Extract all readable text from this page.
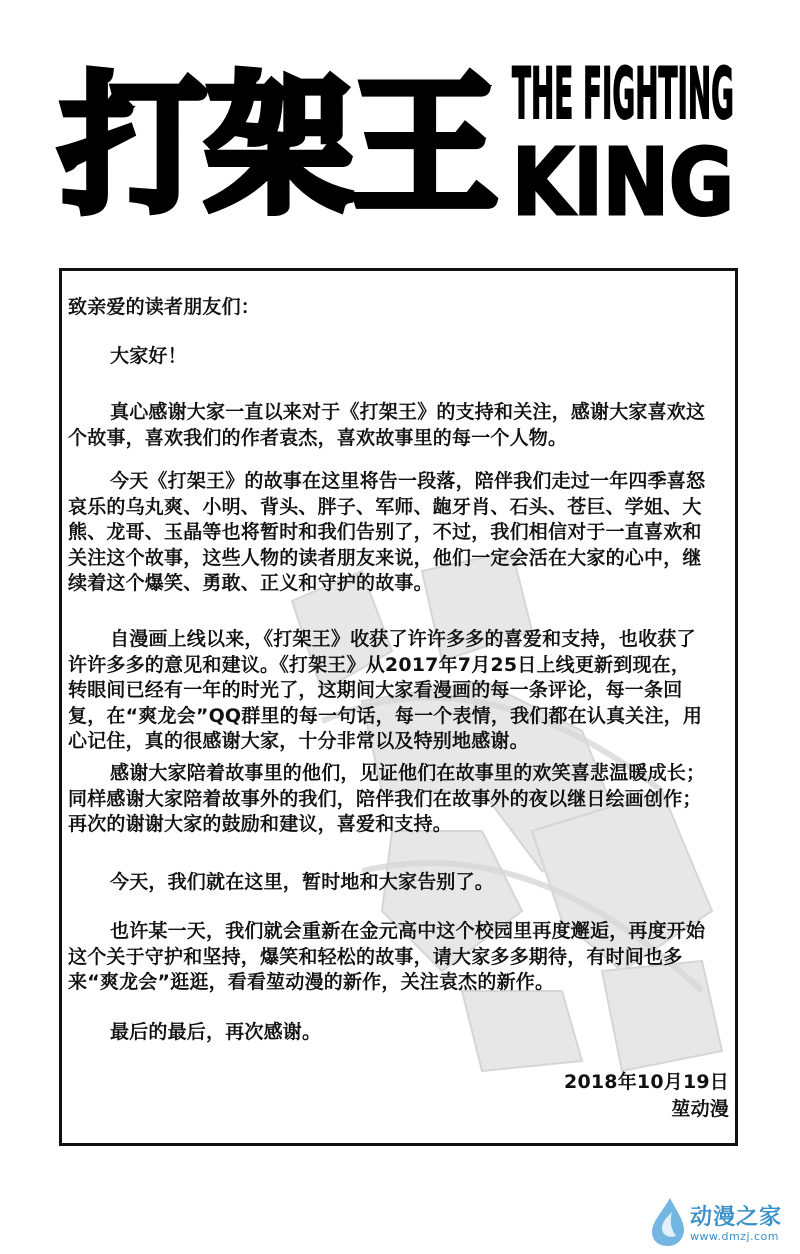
打架王 THE FIGHTING
KING
致亲爱的读者朋友们：
大家好！
真心感谢大家一直以来对于《打架王》的支持和关注，感谢大家喜欢这个故事，喜欢我们的作者袁杰，喜欢故事里的每一个人物。
今天《打架王》的故事在这里将告一段落，陪伴我们走过一年四季喜怒哀乐的乌丸爽、小明、背头、胖子、军师、龅牙肖、石头、苍巨、学姐、大熊、龙哥、玉晶等也将暂时和我们告别了，不过，我们相信对于一直喜欢和关注这个故事，这些人物的读者朋友来说，他们一定会活在大家的心中，继续着这个爆笑、勇敢、正义和守护的故事。
自漫画上线以来，《打架王》收获了许许多多的喜爱和支持，也收获了许许多多的意见和建议。《打架王》从2017年7月25日上线更新到现在，转眼间已经有一年的时光了，这期间大家看漫画的每一条评论，每一条回复，在“爽龙会”QQ群里的每一句话，每一个表情，我们都在认真关注，用心记住，真的很感谢大家，十分非常以及特别地感谢。
感谢大家陪着故事里的他们，见证他们在故事里的欢笑喜悲温暖成长；同样感谢大家陪着故事外的我们，陪伴我们在故事外的夜以继日绘画创作；再次的谢谢大家的鼓励和建议，喜爱和支持。
今天，我们就在这里，暂时地和大家告别了。
也许某一天，我们就会重新在金元高中这个校园里再度邂逅，再度开始这个关于守护和坚持，爆笑和轻松的故事，请大家多多期待，有时间也多来“爽龙会”逛逛，看看堃动漫的新作，关注袁杰的新作。
最后的最后，再次感谢。
2018年10月19日
堃动漫
动漫之家
www.dmzj.com
